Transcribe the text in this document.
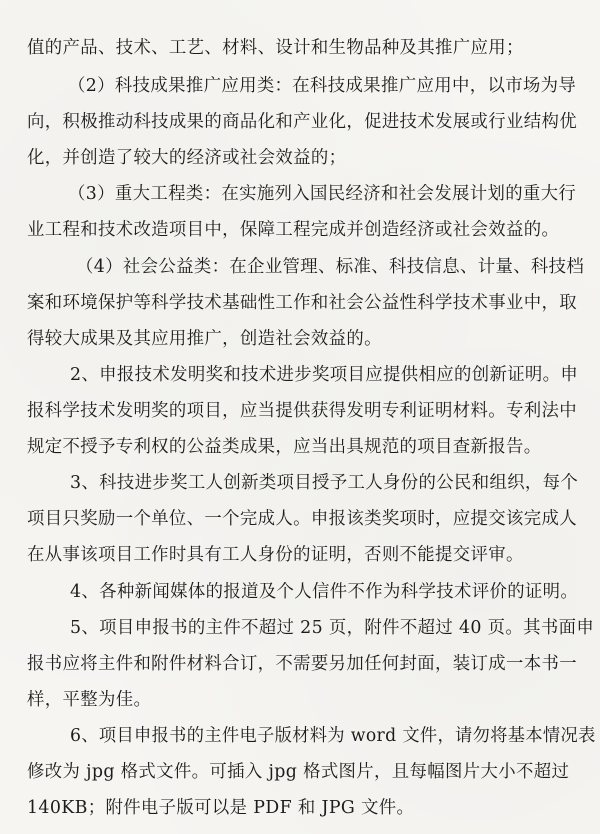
值的产品、技术、工艺、材料、设计和生物品种及其推广应用；
（2）科技成果推广应用类：在科技成果推广应用中，以市场为导
向，积极推动科技成果的商品化和产业化，促进技术发展或行业结构优
化，并创造了较大的经济或社会效益的；
（3）重大工程类：在实施列入国民经济和社会发展计划的重大行
业工程和技术改造项目中，保障工程完成并创造经济或社会效益的。
（4）社会公益类：在企业管理、标准、科技信息、计量、科技档
案和环境保护等科学技术基础性工作和社会公益性科学技术事业中，取
得较大成果及其应用推广，创造社会效益的。
2、申报技术发明奖和技术进步奖项目应提供相应的创新证明。申
报科学技术发明奖的项目，应当提供获得发明专利证明材料。专利法中
规定不授予专利权的公益类成果，应当出具规范的项目查新报告。
3、科技进步奖工人创新类项目授予工人身份的公民和组织，每个
项目只奖励一个单位、一个完成人。申报该类奖项时，应提交该完成人
在从事该项目工作时具有工人身份的证明，否则不能提交评审。
4、各种新闻媒体的报道及个人信件不作为科学技术评价的证明。
5、项目申报书的主件不超过 25 页，附件不超过 40 页。其书面申
报书应将主件和附件材料合订，不需要另加任何封面，装订成一本书一
样，平整为佳。
6、项目申报书的主件电子版材料为 word 文件，请勿将基本情况表
修改为 jpg 格式文件。可插入 jpg 格式图片，且每幅图片大小不超过
140KB；附件电子版可以是 PDF 和 JPG 文件。
